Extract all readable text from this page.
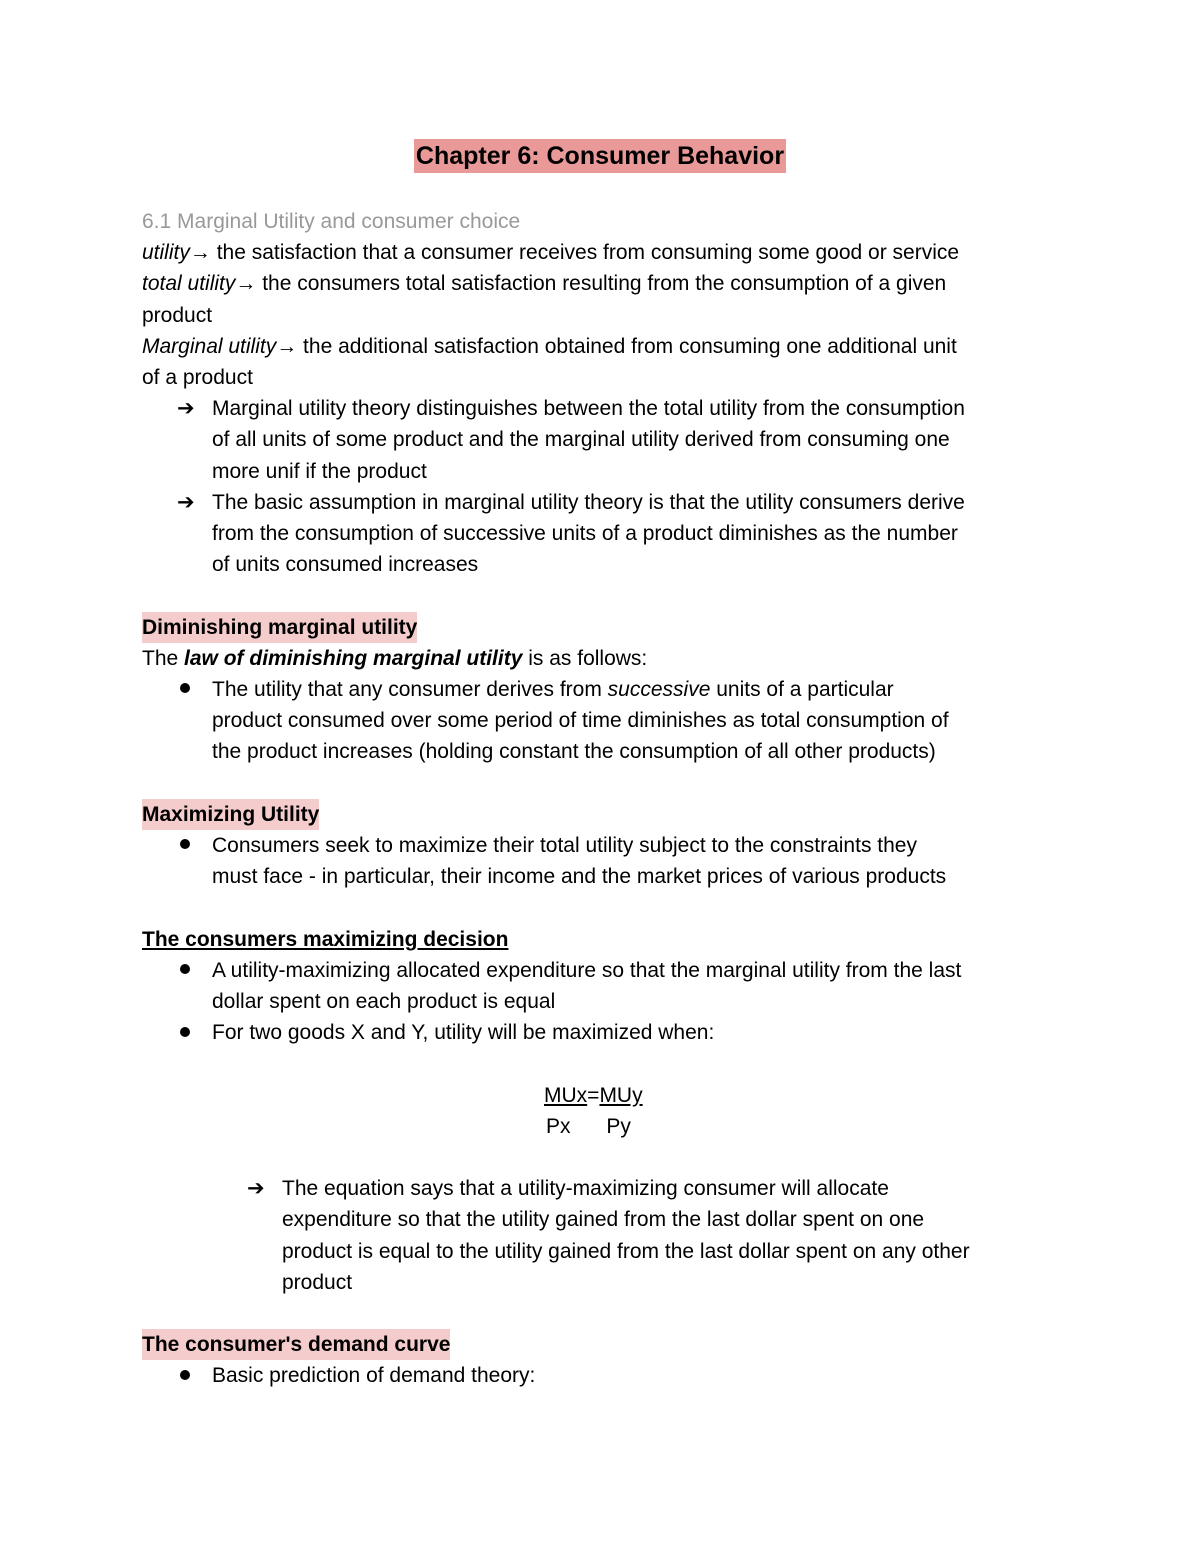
Chapter 6: Consumer Behavior
6.1 Marginal Utility and consumer choice
utility→ the satisfaction that a consumer receives from consuming some good or service
total utility→ the consumers total satisfaction resulting from the consumption of a given
product
Marginal utility→ the additional satisfaction obtained from consuming one additional unit
of a product
➔ Marginal utility theory distinguishes between the total utility from the consumption
of all units of some product and the marginal utility derived from consuming one
more unif if the product
➔ The basic assumption in marginal utility theory is that the utility consumers derive
from the consumption of successive units of a product diminishes as the number
of units consumed increases
Diminishing marginal utility
The law of diminishing marginal utility is as follows:
The utility that any consumer derives from successive units of a particular
product consumed over some period of time diminishes as total consumption of
the product increases (holding constant the consumption of all other products)
Maximizing Utility
Consumers seek to maximize their total utility subject to the constraints they
must face - in particular, their income and the market prices of various products
The consumers maximizing decision
A utility-maximizing allocated expenditure so that the marginal utility from the last
dollar spent on each product is equal
For two goods X and Y, utility will be maximized when:
MUx=MUy
Px Py
➔ The equation says that a utility-maximizing consumer will allocate
expenditure so that the utility gained from the last dollar spent on one
product is equal to the utility gained from the last dollar spent on any other
product
The consumer's demand curve
Basic prediction of demand theory:
